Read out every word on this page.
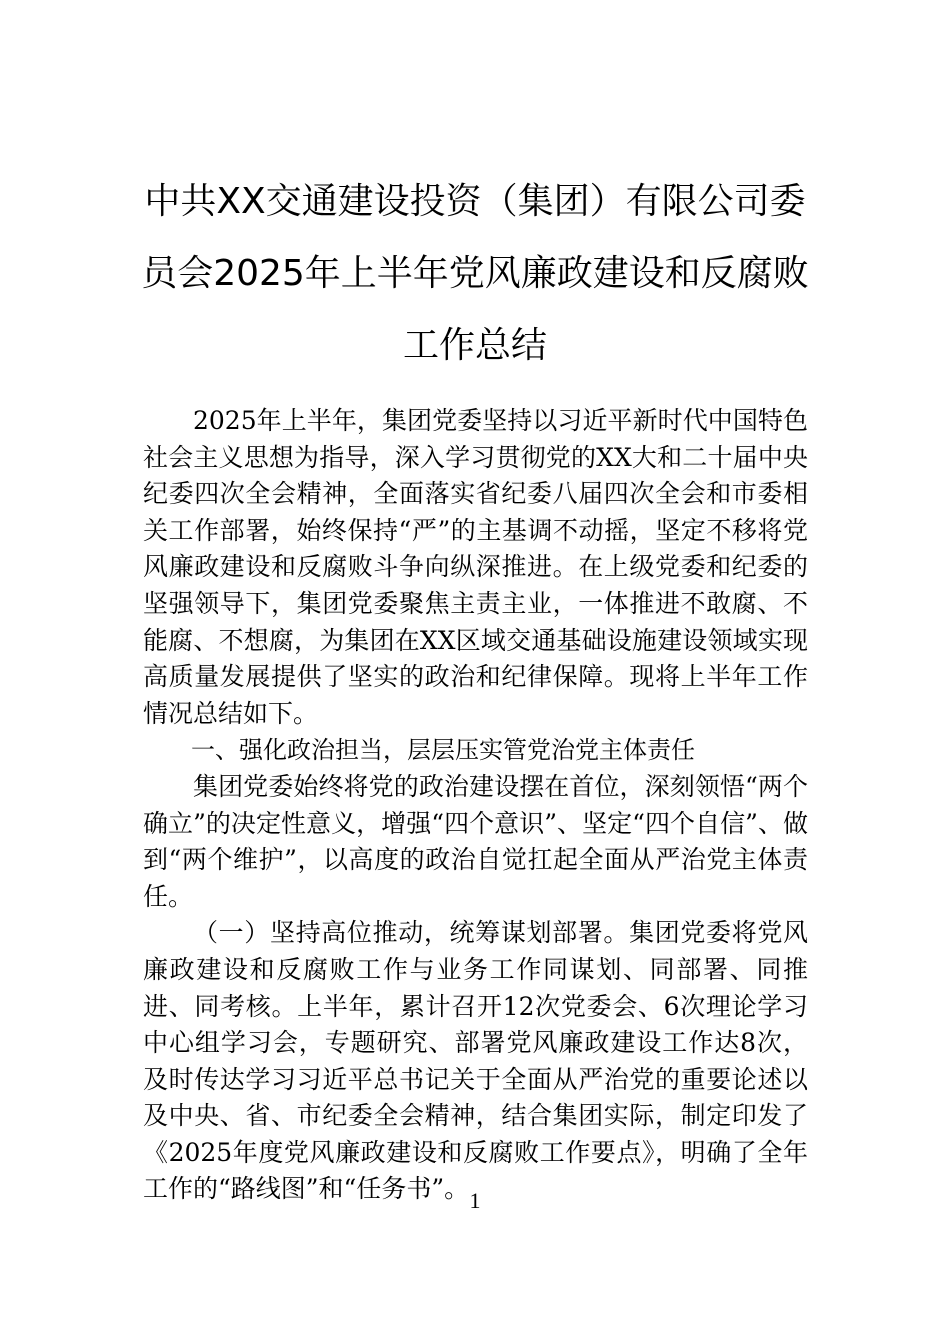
中共XX交通建设投资（集团）有限公司委
员会2025年上半年党风廉政建设和反腐败
工作总结

2025年上半年，集团党委坚持以习近平新时代中国特色社会主义思想为指导，深入学习贯彻党的XX大和二十届中央纪委四次全会精神，全面落实省纪委八届四次全会和市委相关工作部署，始终保持“严”的主基调不动摇，坚定不移将党风廉政建设和反腐败斗争向纵深推进。在上级党委和纪委的坚强领导下，集团党委聚焦主责主业，一体推进不敢腐、不能腐、不想腐，为集团在XX区域交通基础设施建设领域实现高质量发展提供了坚实的政治和纪律保障。现将上半年工作情况总结如下。

一、强化政治担当，层层压实管党治党主体责任

集团党委始终将党的政治建设摆在首位，深刻领悟“两个确立”的决定性意义，增强“四个意识”、坚定“四个自信”、做到“两个维护”，以高度的政治自觉扛起全面从严治党主体责任。

（一）坚持高位推动，统筹谋划部署。集团党委将党风廉政建设和反腐败工作与业务工作同谋划、同部署、同推进、同考核。上半年，累计召开12次党委会、6次理论学习中心组学习会，专题研究、部署党风廉政建设工作达8次，及时传达学习习近平总书记关于全面从严治党的重要论述以及中央、省、市纪委全会精神，结合集团实际，制定印发了《2025年度党风廉政建设和反腐败工作要点》，明确了全年工作的“路线图”和“任务书”。 1
